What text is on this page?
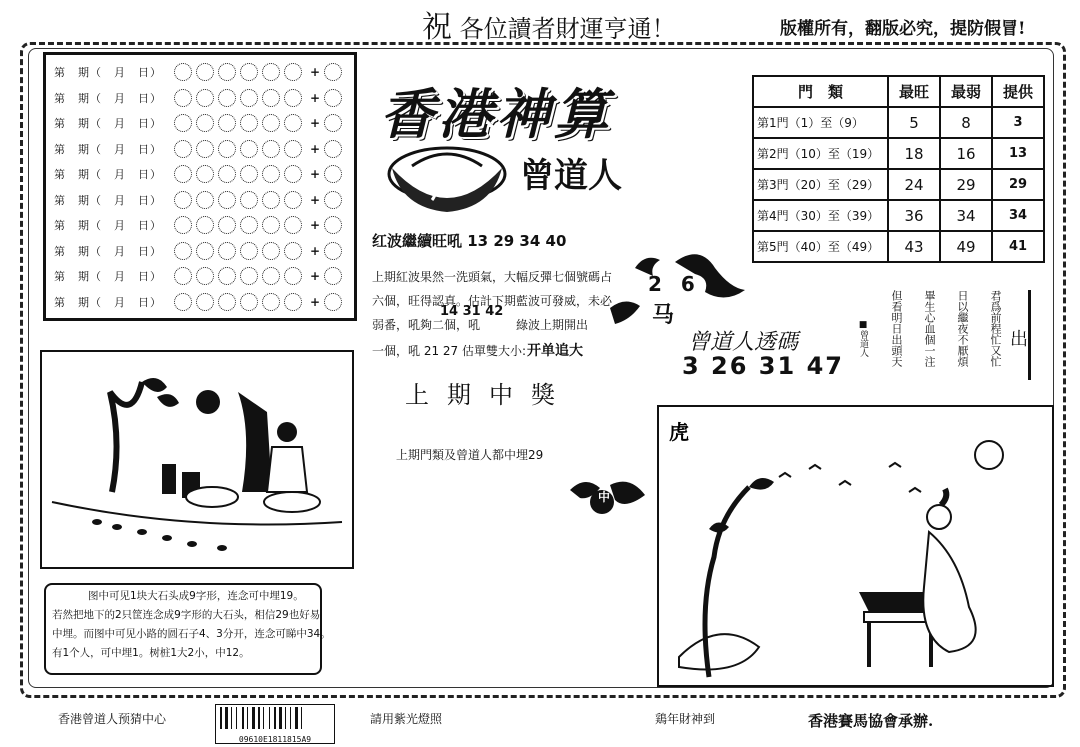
祝 各位讀者財運亨通！	版權所有，翻版必究，提防假冒!
第　期（　月　日）	+
第　期（　月　日）	+
第　期（　月　日）	+
第　期（　月　日）	+
第　期（　月　日）	+
第　期（　月　日）	+
第　期（　月　日）	+
第　期（　月　日）	+
第　期（　月　日）	+
第　期（　月　日）	+
香港神算
曾道人
红波繼續旺吼 13 29 34 40
上期紅波果然一洗頭氣，大幅反彈七個號碼占
六個，旺得認真。估計下期藍波可發威，未必
14 31 42
弱番，吼夠二個，吼　　　綠波上期開出
一個，吼 21 27 估單雙大小: 开单追大
上期中獎
上期門類及曾道人都中埋29
門　類	最旺	最弱	提供
第1門（1）至（9）	5	8	3
第2門（10）至（19）	18	16	13
第3門（20）至（29）	24	29	29
第4門（30）至（39）	36	34	34
第5門（40）至（49）	43	49	41
2 6
马
曾道人透碼
3 26 31 47	君爲前程忙又忙
日以繼夜不厭煩
畢生心血個一注
但看明日出頭天
■曾道人	出
中
虎
图中可见1块大石头成9字形，连念可中埋19。
若然把地下的2只筐连念成9字形的大石头，相信29也好易
中埋。而图中可见小路的圆石子4、3分开，连念可睇中34。
有1个人，可中埋1。树桩1大2小，中12。
香港曾道人预猜中心
09610E1811815A9
請用紫光燈照	鶏年財神到	香港賽馬協會承辦.
